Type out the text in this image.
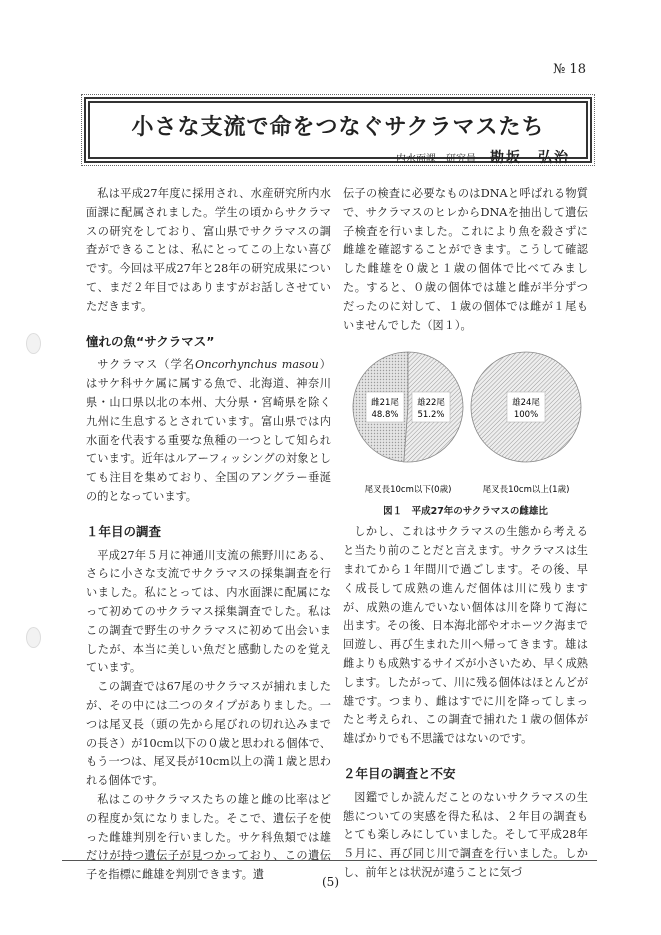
№ 18
小さな支流で命をつなぐサクラマスたち
内水面課　研究員 勘坂　弘治

私は平成27年度に採用され、水産研究所内水面課に配属されました。学生の頃からサクラマスの研究をしており、富山県でサクラマスの調査ができることは、私にとってこの上ない喜びです。今回は平成27年と28年の研究成果について、まだ２年目ではありますがお話しさせていただきます。

憧れの魚“サクラマス”

サクラマス（学名Oncorhynchus masou）はサケ科サケ属に属する魚で、北海道、神奈川県・山口県以北の本州、大分県・宮崎県を除く九州に生息するとされています。富山県では内水面を代表する重要な魚種の一つとして知られています。近年はルアーフィッシングの対象としても注目を集めており、全国のアングラー垂涎の的となっています。

１年目の調査

平成27年５月に神通川支流の熊野川にある、さらに小さな支流でサクラマスの採集調査を行いました。私にとっては、内水面課に配属になって初めてのサクラマス採集調査でした。私はこの調査で野生のサクラマスに初めて出会いましたが、本当に美しい魚だと感動したのを覚えています。

この調査では67尾のサクラマスが捕れましたが、その中には二つのタイプがありました。一つは尾叉長（頭の先から尾びれの切れ込みまでの長さ）が10cm以下の０歳と思われる個体で、もう一つは、尾叉長が10cm以上の満１歳と思われる個体です。

私はこのサクラマスたちの雄と雌の比率はどの程度か気になりました。そこで、遺伝子を使った雌雄判別を行いました。サケ科魚類では雄だけが持つ遺伝子が見つかっており、この遺伝子を指標に雌雄を判別できます。遺

伝子の検査に必要なものはDNAと呼ばれる物質で、サクラマスのヒレからDNAを抽出して遺伝子検査を行いました。これにより魚を殺さずに雌雄を確認することができます。こうして確認した雌雄を０歳と１歳の個体で比べてみました。すると、０歳の個体では雄と雌が半分ずつだったのに対して、１歳の個体では雌が１尾もいませんでした（図１）。

雌21尾
48.8%
雄22尾
51.2%
雄24尾
100%
尾叉長10cm以下(0歳)	尾叉長10cm以上(1歳)
図１　平成27年のサクラマスの雌雄比

しかし、これはサクラマスの生態から考えると当たり前のことだと言えます。サクラマスは生まれてから１年間川で過ごします。その後、早く成長して成熟の進んだ個体は川に残りますが、成熟の進んでいない個体は川を降りて海に出ます。その後、日本海北部やオホーツク海まで回遊し、再び生まれた川へ帰ってきます。雄は雌よりも成熟するサイズが小さいため、早く成熟します。したがって、川に残る個体はほとんどが雄です。つまり、雌はすでに川を降ってしまったと考えられ、この調査で捕れた１歳の個体が雄ばかりでも不思議ではないのです。

２年目の調査と不安

図鑑でしか読んだことのないサクラマスの生態についての実感を得た私は、２年目の調査もとても楽しみにしていました。そして平成28年５月に、再び同じ川で調査を行いました。しかし、前年とは状況が違うことに気づ

(5)
